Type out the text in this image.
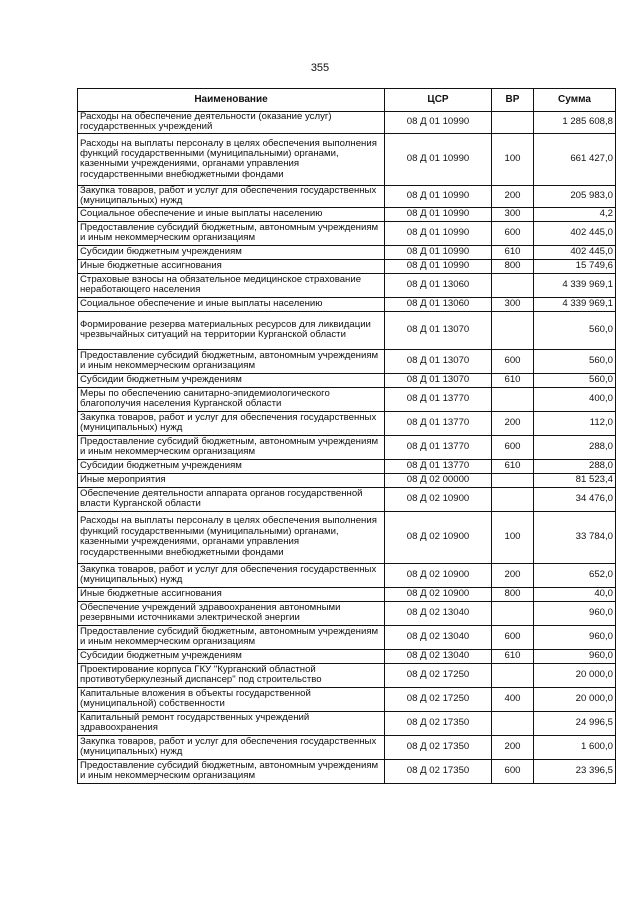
355
Наименование	ЦСР	ВР	Сумма
Расходы на обеспечение деятельности (оказание услуг) государственных учреждений	08 Д 01 10990		1 285 608,8
Расходы на выплаты персоналу в целях обеспечения выполнения функций государственными (муниципальными) органами, казенными учреждениями, органами управления государственными внебюджетными фондами	08 Д 01 10990	100	661 427,0
Закупка товаров, работ и услуг для обеспечения государственных (муниципальных) нужд	08 Д 01 10990	200	205 983,0
Социальное обеспечение и иные выплаты населению	08 Д 01 10990	300	4,2
Предоставление субсидий бюджетным, автономным учреждениям и иным некоммерческим организациям	08 Д 01 10990	600	402 445,0
Субсидии бюджетным учреждениям	08 Д 01 10990	610	402 445,0
Иные бюджетные ассигнования	08 Д 01 10990	800	15 749,6
Страховые взносы на обязательное медицинское страхование неработающего населения	08 Д 01 13060		4 339 969,1
Социальное обеспечение и иные выплаты населению	08 Д 01 13060	300	4 339 969,1
Формирование резерва материальных ресурсов для ликвидации чрезвычайных ситуаций на территории Курганской области	08 Д 01 13070		560,0
Предоставление субсидий бюджетным, автономным учреждениям и иным некоммерческим организациям	08 Д 01 13070	600	560,0
Субсидии бюджетным учреждениям	08 Д 01 13070	610	560,0
Меры по обеспечению санитарно-эпидемиологического благополучия населения Курганской области	08 Д 01 13770		400,0
Закупка товаров, работ и услуг для обеспечения государственных (муниципальных) нужд	08 Д 01 13770	200	112,0
Предоставление субсидий бюджетным, автономным учреждениям и иным некоммерческим организациям	08 Д 01 13770	600	288,0
Субсидии бюджетным учреждениям	08 Д 01 13770	610	288,0
Иные мероприятия	08 Д 02 00000		81 523,4
Обеспечение деятельности аппарата органов государственной власти Курганской области	08 Д 02 10900		34 476,0
Расходы на выплаты персоналу в целях обеспечения выполнения функций государственными (муниципальными) органами, казенными учреждениями, органами управления государственными внебюджетными фондами	08 Д 02 10900	100	33 784,0
Закупка товаров, работ и услуг для обеспечения государственных (муниципальных) нужд	08 Д 02 10900	200	652,0
Иные бюджетные ассигнования	08 Д 02 10900	800	40,0
Обеспечение учреждений здравоохранения автономными резервными источниками электрической энергии	08 Д 02 13040		960,0
Предоставление субсидий бюджетным, автономным учреждениям и иным некоммерческим организациям	08 Д 02 13040	600	960,0
Субсидии бюджетным учреждениям	08 Д 02 13040	610	960,0
Проектирование корпуса ГКУ "Курганский областной противотуберкулезный диспансер" под строительство	08 Д 02 17250		20 000,0
Капитальные вложения в объекты государственной (муниципальной) собственности	08 Д 02 17250	400	20 000,0
Капитальный ремонт государственных учреждений здравоохранения	08 Д 02 17350		24 996,5
Закупка товаров, работ и услуг для обеспечения государственных (муниципальных) нужд	08 Д 02 17350	200	1 600,0
Предоставление субсидий бюджетным, автономным учреждениям и иным некоммерческим организациям	08 Д 02 17350	600	23 396,5
